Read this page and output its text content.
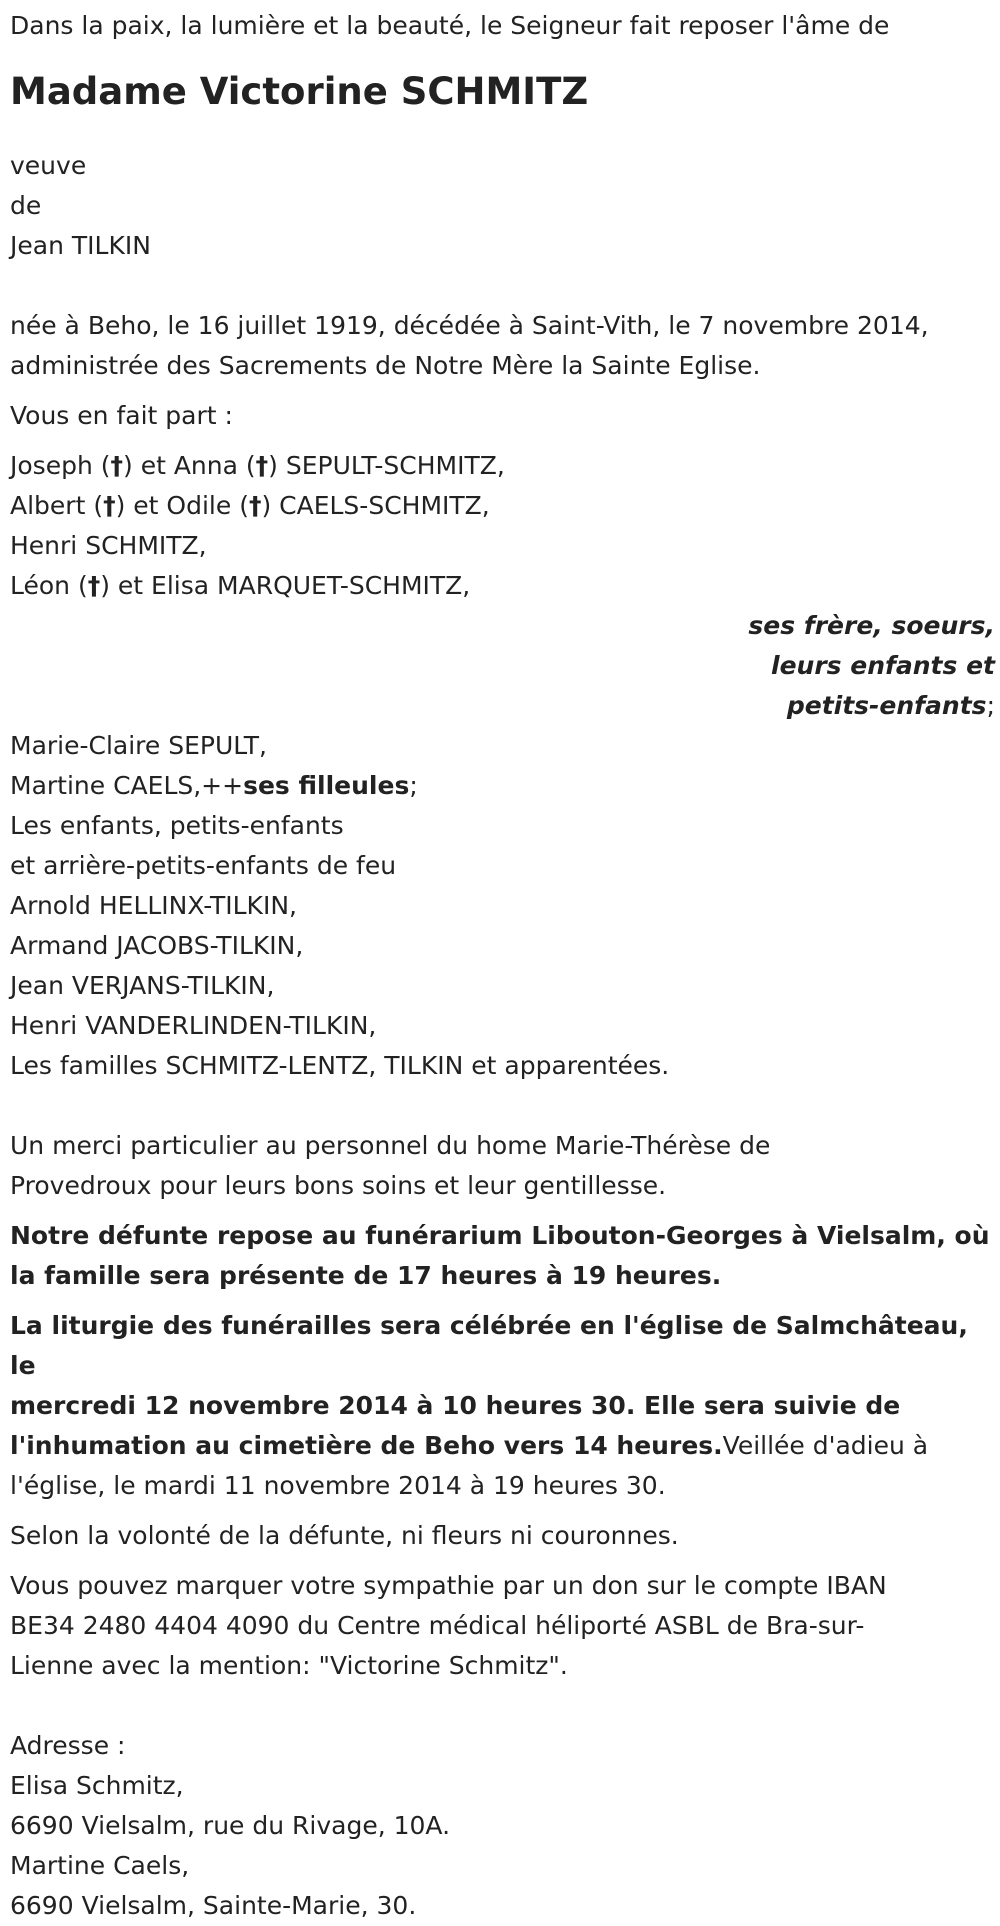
Dans la paix, la lumière et la beauté, le Seigneur fait reposer l'âme de

Madame Victorine SCHMITZ

veuve

de

Jean TILKIN

née à Beho, le 16 juillet 1919, décédée à Saint-Vith, le 7 novembre 2014,

administrée des Sacrements de Notre Mère la Sainte Eglise.

Vous en fait part :

Joseph (†) et Anna (†) SEPULT-SCHMITZ,

Albert (†) et Odile (†) CAELS-SCHMITZ,

Henri SCHMITZ,

Léon (†) et Elisa MARQUET-SCHMITZ,

ses frère, soeurs,

leurs enfants et

petits-enfants;

Marie-Claire SEPULT,

Martine CAELS,++ses filleules;

Les enfants, petits-enfants

et arrière-petits-enfants de feu

Arnold HELLINX-TILKIN,

Armand JACOBS-TILKIN,

Jean VERJANS-TILKIN,

Henri VANDERLINDEN-TILKIN,

Les familles SCHMITZ-LENTZ, TILKIN et apparentées.

Un merci particulier au personnel du home Marie-Thérèse de

Provedroux pour leurs bons soins et leur gentillesse.

Notre défunte repose au funérarium Libouton-Georges à Vielsalm, où

la famille sera présente de 17 heures à 19 heures.

La liturgie des funérailles sera célébrée en l'église de Salmchâteau, le

mercredi 12 novembre 2014 à 10 heures 30. Elle sera suivie de

l'inhumation au cimetière de Beho vers 14 heures.Veillée d'adieu à

l'église, le mardi 11 novembre 2014 à 19 heures 30.

Selon la volonté de la défunte, ni fleurs ni couronnes.

Vous pouvez marquer votre sympathie par un don sur le compte IBAN

BE34 2480 4404 4090 du Centre médical héliporté ASBL de Bra-sur-

Lienne avec la mention: "Victorine Schmitz".

Adresse :

Elisa Schmitz,

6690 Vielsalm, rue du Rivage, 10A.

Martine Caels,

6690 Vielsalm, Sainte-Marie, 30.
